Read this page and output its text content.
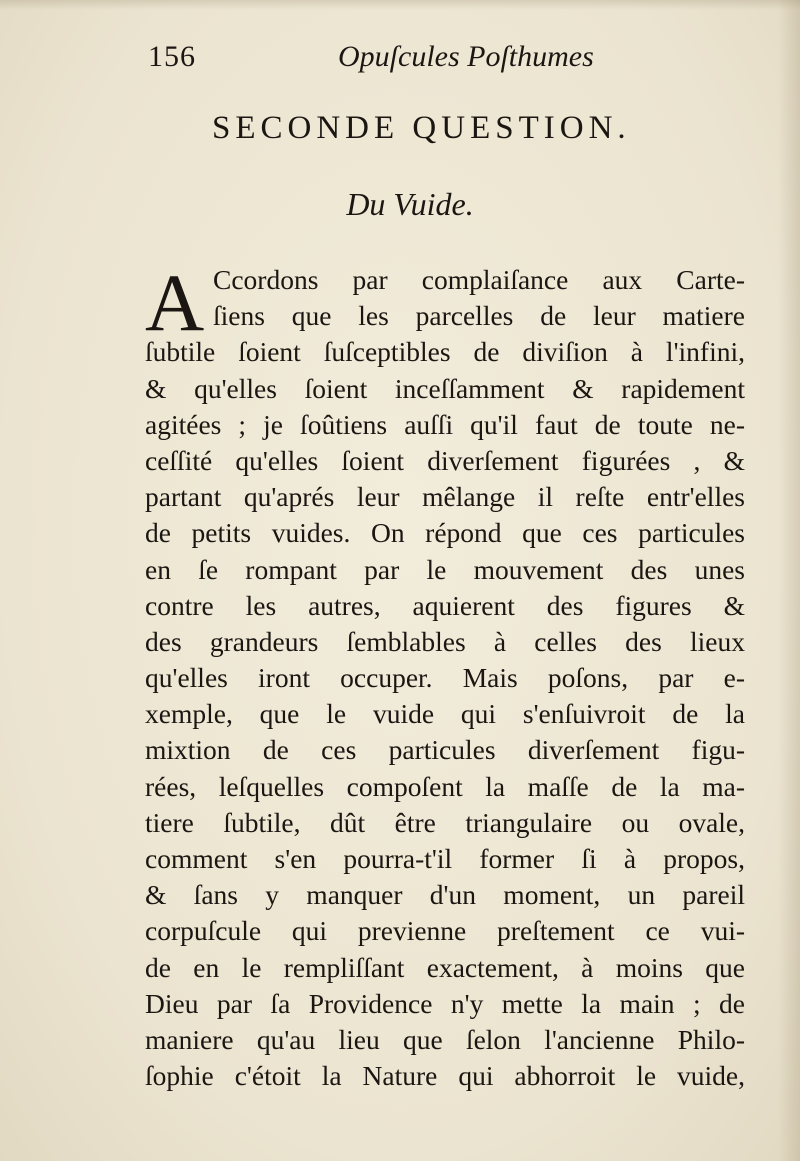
156	Opuſcules Poſthumes
SECONDE QUESTION.
Du Vuide.
A Ccordons par complaiſance aux Carte-
ſiens que les parcelles de leur matiere
ſubtile ſoient ſuſceptibles de diviſion à l'infini,
& qu'elles ſoient inceſſamment & rapidement
agitées ; je ſoûtiens auſſi qu'il faut de toute ne-
ceſſité qu'elles ſoient diverſement figurées , &
partant qu'aprés leur mêlange il reſte entr'elles
de petits vuides. On répond que ces particules
en ſe rompant par le mouvement des unes
contre les autres, aquierent des figures &
des grandeurs ſemblables à celles des lieux
qu'elles iront occuper. Mais poſons, par e-
xemple, que le vuide qui s'enſuivroit de la
mixtion de ces particules diverſement figu-
rées, leſquelles compoſent la maſſe de la ma-
tiere ſubtile, dût être triangulaire ou ovale,
comment s'en pourra-t'il former ſi à propos,
& ſans y manquer d'un moment, un pareil
corpuſcule qui previenne preſtement ce vui-
de en le rempliſſant exactement, à moins que
Dieu par ſa Providence n'y mette la main ; de
maniere qu'au lieu que ſelon l'ancienne Philo-
ſophie c'étoit la Nature qui abhorroit le vuide,
